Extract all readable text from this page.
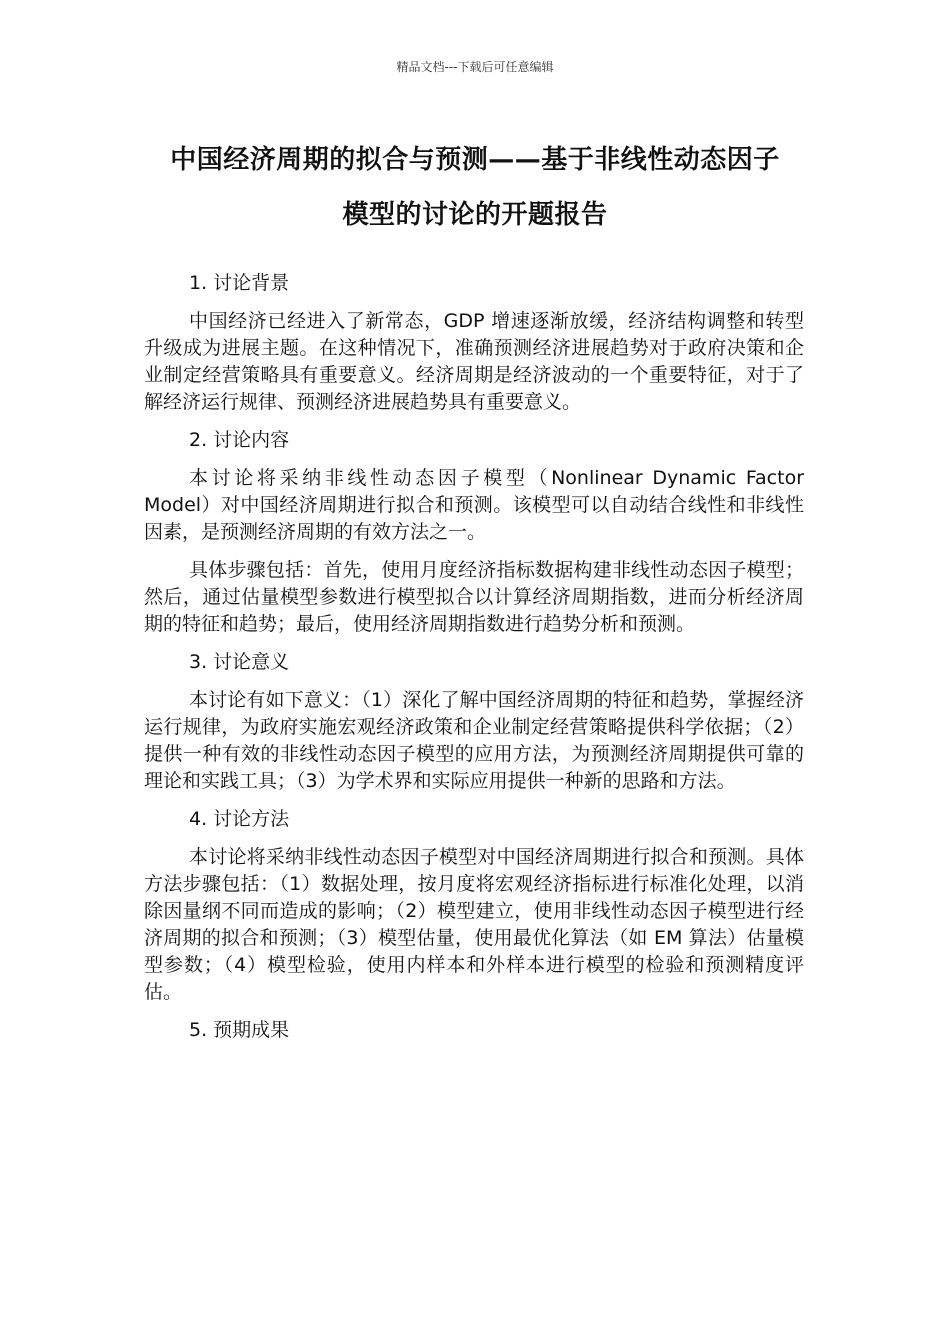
精品文档---下载后可任意编辑
中国经济周期的拟合与预测——基于非线性动态因子
模型的讨论的开题报告
1. 讨论背景

中国经济已经进入了新常态，GDP 增速逐渐放缓，经济结构调整和转型升级成为进展主题。在这种情况下，准确预测经济进展趋势对于政府决策和企业制定经营策略具有重要意义。经济周期是经济波动的一个重要特征，对于了解经济运行规律、预测经济进展趋势具有重要意义。

2. 讨论内容

本讨论将采纳非线性动态因子模型（Nonlinear Dynamic Factor Model）对中国经济周期进行拟合和预测。该模型可以自动结合线性和非线性因素，是预测经济周期的有效方法之一。

具体步骤包括：首先，使用月度经济指标数据构建非线性动态因子模型；然后，通过估量模型参数进行模型拟合以计算经济周期指数，进而分析经济周期的特征和趋势；最后，使用经济周期指数进行趋势分析和预测。

3. 讨论意义

本讨论有如下意义：（1）深化了解中国经济周期的特征和趋势，掌握经济运行规律，为政府实施宏观经济政策和企业制定经营策略提供科学依据；（2）提供一种有效的非线性动态因子模型的应用方法，为预测经济周期提供可靠的理论和实践工具；（3）为学术界和实际应用提供一种新的思路和方法。

4. 讨论方法

本讨论将采纳非线性动态因子模型对中国经济周期进行拟合和预测。具体方法步骤包括：（1）数据处理，按月度将宏观经济指标进行标准化处理，以消除因量纲不同而造成的影响；（2）模型建立，使用非线性动态因子模型进行经济周期的拟合和预测；（3）模型估量，使用最优化算法（如 EM 算法）估量模型参数；（4）模型检验，使用内样本和外样本进行模型的检验和预测精度评估。

5. 预期成果
